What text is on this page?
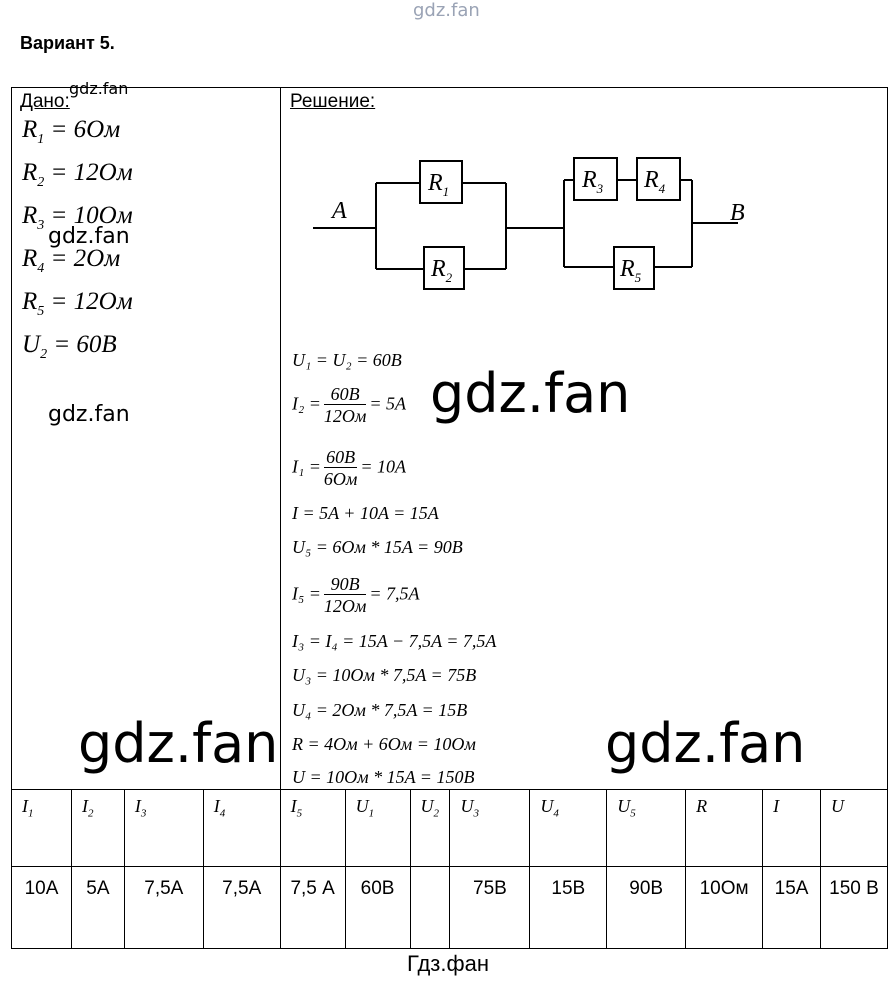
gdz.fan
Вариант 5.
Дано:
gdz.fan
$R_1 = 6Ом$
$R_2 = 12Ом$
$R_3 = 10Ом$
$R_4 = 2Ом$
$R_5 = 12Ом$
$U_2 = 60В$
gdz.fan
gdz.fan
Решение:
A	B
$R_1$
$R_2$
$R_3$ $R_4$
$R_5$
U₁ = U₂ = 60B
$I_2 = \frac{60B}{12Ом} = 5A$
$I_1 = \frac{60B}{6Ом} = 10A$
I = 5A + 10A = 15A
U₅ = 6Ом * 15A = 90B
$I_5 = \frac{90B}{12Ом} = 7,5A$
I₃ = I₄ = 15A − 7,5A = 7,5A
U₃ = 10Ом * 7,5A = 75B
U₄ = 2Ом * 7,5A = 15B
R = 4Ом + 6Ом = 10Ом
U = 10Ом * 15A = 150B
gdz.fan
gdz.fan	gdz.fan
$I_1$	$I_2$	$I_3$	$I_4$	$I_5$	$U_1$	$U_2$	$U_3$	$U_4$	$U_5$	R	I	U
10А	5А	7,5А	7,5А	7,5 А	60В		75В	15В	90В	10Ом	15А	150 В
Гдз.фан
